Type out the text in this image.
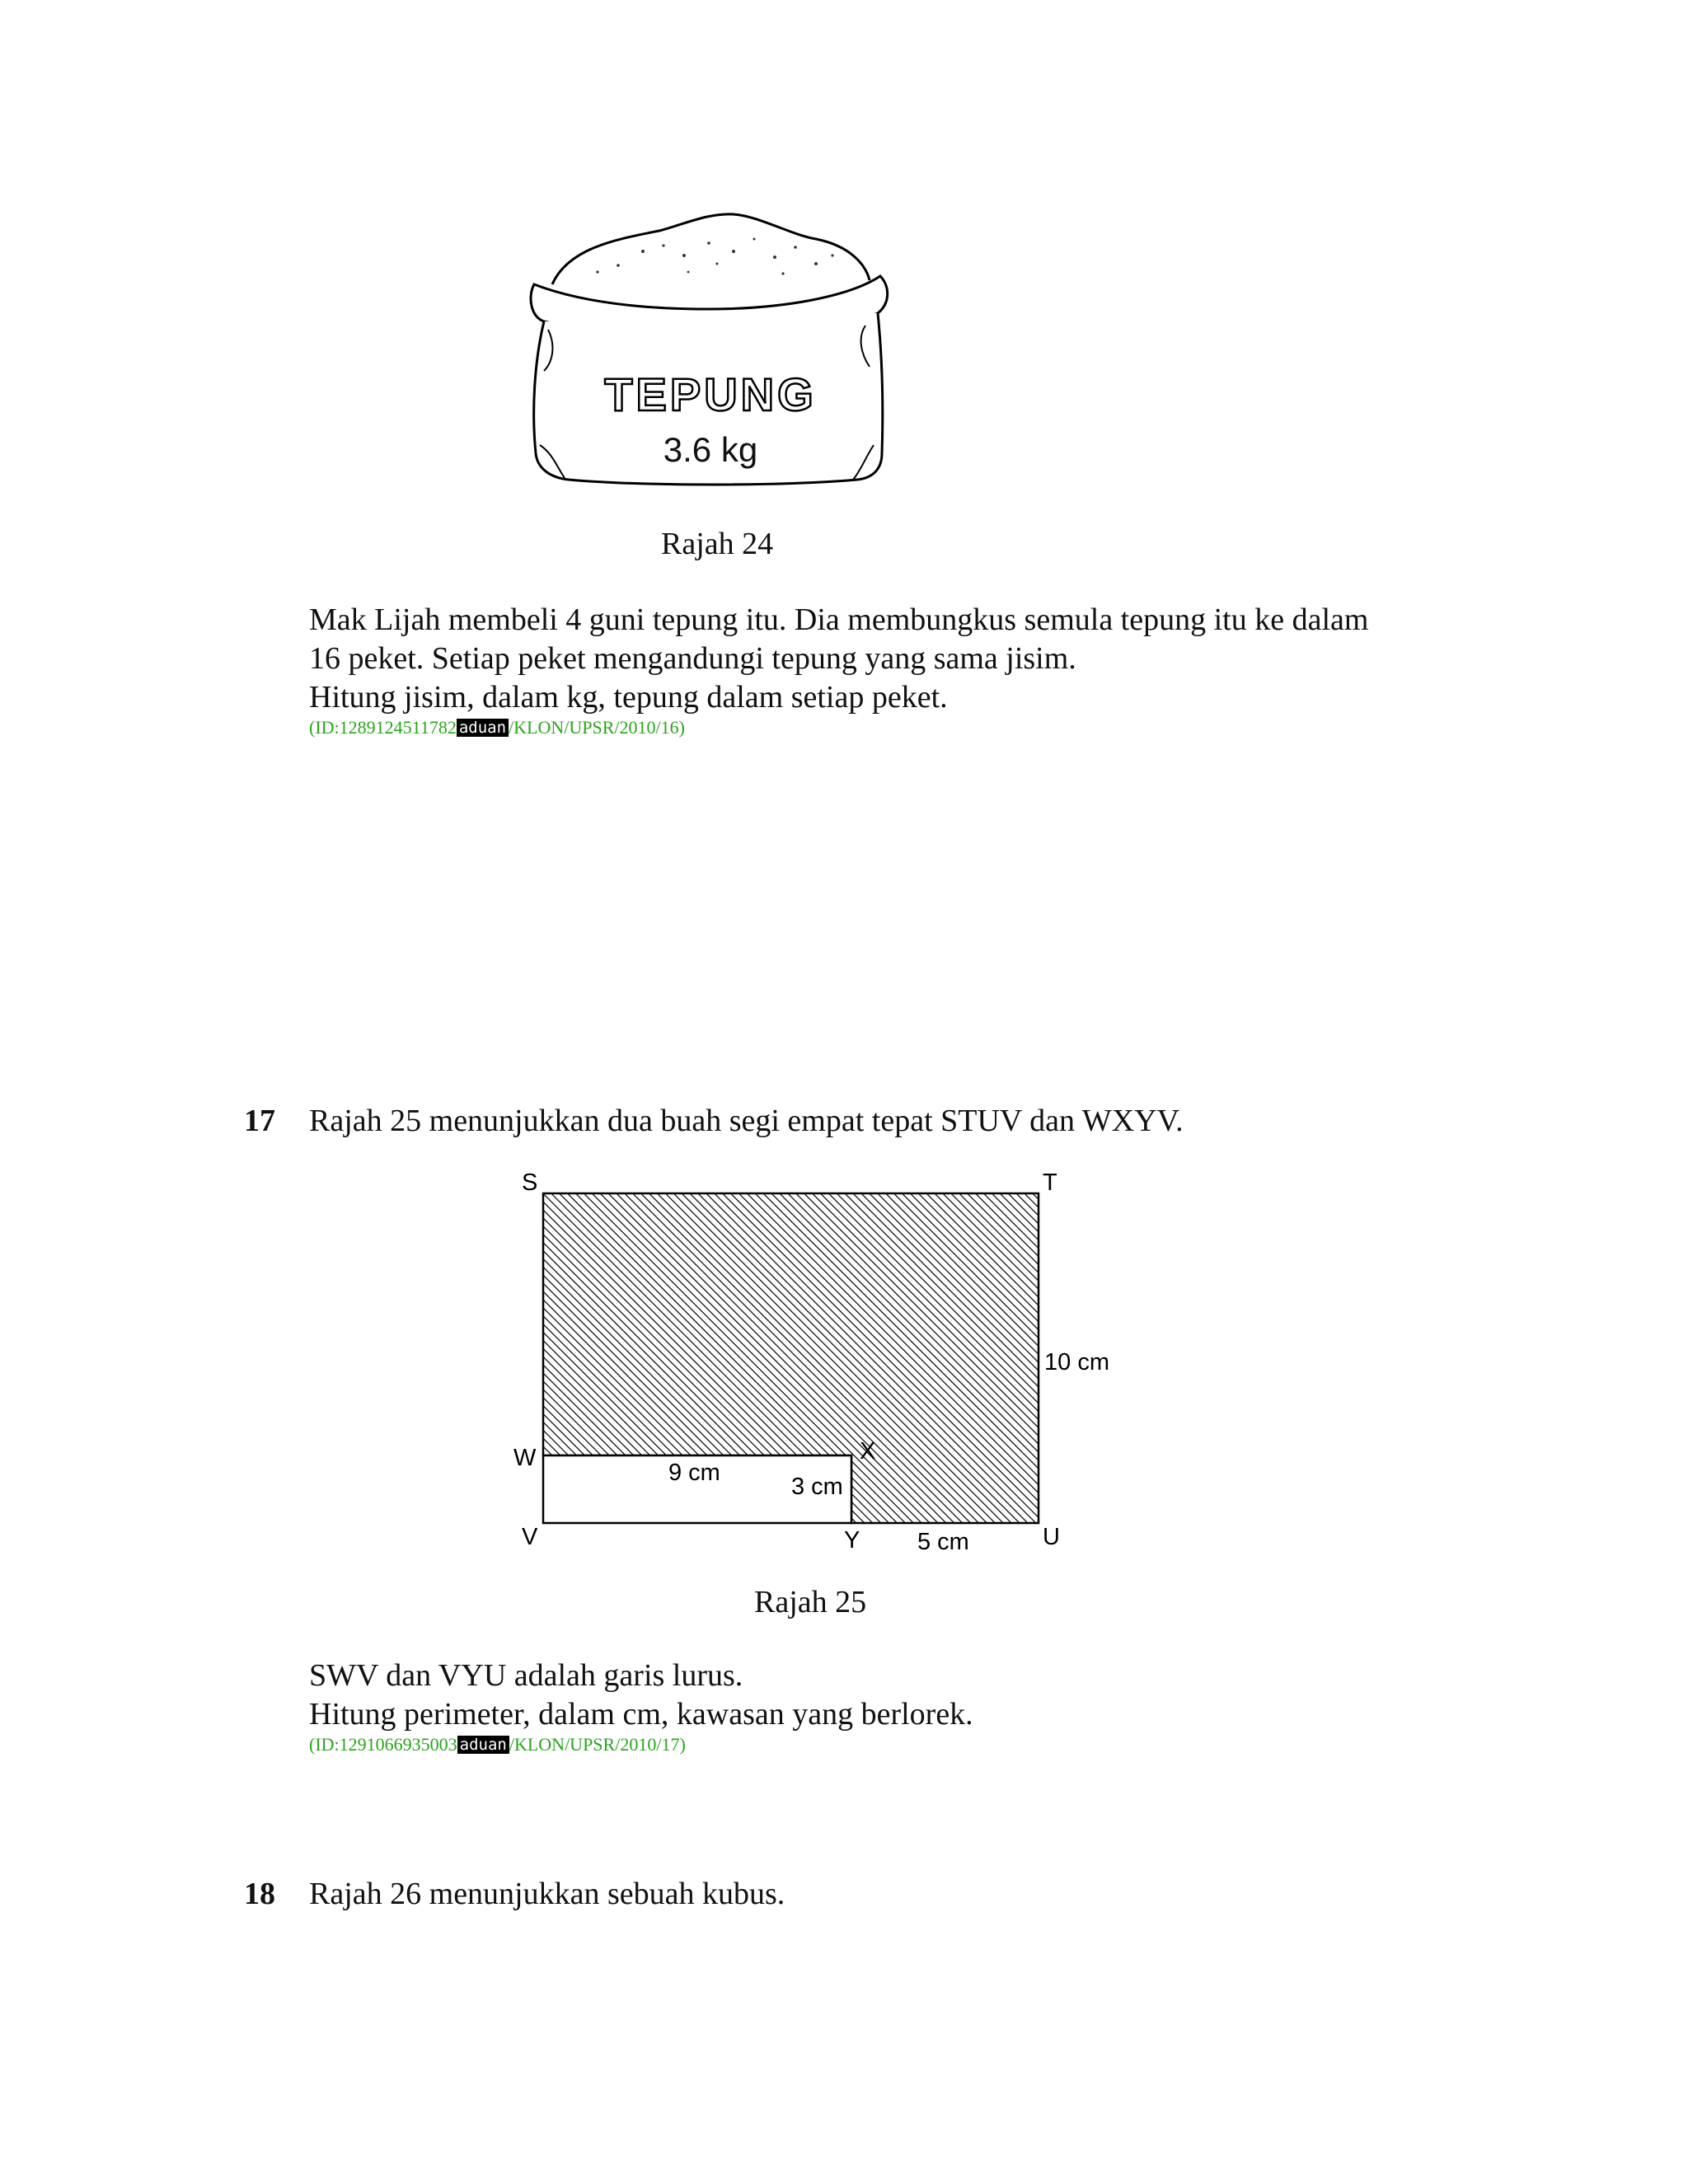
TEPUNG
3.6 kg
Rajah 24
Mak Lijah membeli 4 guni tepung itu. Dia membungkus semula tepung itu ke dalam
16 peket. Setiap peket mengandungi tepung yang sama jisim.
Hitung jisim, dalam kg, tepung dalam setiap peket.
(ID:1289124511782 aduan /KLON/UPSR/2010/16)
17 Rajah 25 menunjukkan dua buah segi empat tepat STUV dan WXYV.
S	T
W	X
V	Y	U
10 cm
9 cm
3 cm
5 cm
Rajah 25
SWV dan VYU adalah garis lurus.
Hitung perimeter, dalam cm, kawasan yang berlorek.
(ID:1291066935003 aduan /KLON/UPSR/2010/17)
18 Rajah 26 menunjukkan sebuah kubus.
